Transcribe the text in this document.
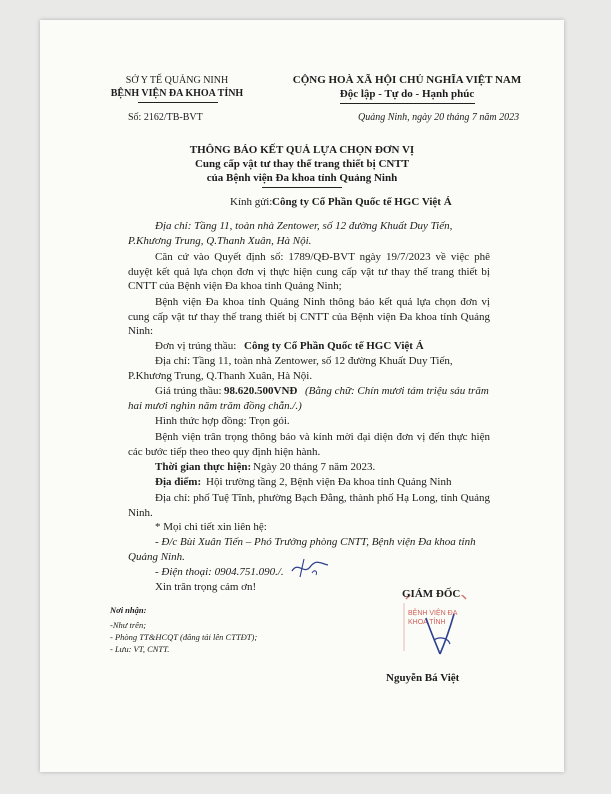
SỞ Y TẾ QUẢNG NINH
BỆNH VIỆN ĐA KHOA TỈNH
Số: 2162/TB-BVT
CỘNG HOÀ XÃ HỘI CHỦ NGHĨA VIỆT NAM
Độc lập - Tự do - Hạnh phúc
Quảng Ninh, ngày 20 tháng 7 năm 2023
THÔNG BÁO KẾT QUẢ LỰA CHỌN ĐƠN VỊ
Cung cấp vật tư thay thế trang thiết bị CNTT
của Bệnh viện Đa khoa tỉnh Quảng Ninh
Kính gửi: Công ty Cổ Phần Quốc tế HGC Việt Á
Địa chỉ: Tầng 11, toàn nhà Zentower, số 12 đường Khuất Duy Tiến,
P.Khương Trung, Q.Thanh Xuân, Hà Nội.
Căn cứ vào Quyết định số: 1789/QĐ-BVT ngày 19/7/2023 về việc phê duyệt kết quả lựa chọn đơn vị thực hiện cung cấp vật tư thay thế trang thiết bị CNTT của Bệnh viện Đa khoa tỉnh Quảng Ninh;
Bệnh viện Đa khoa tỉnh Quảng Ninh thông báo kết quả lựa chọn đơn vị cung cấp vật tư thay thế trang thiết bị CNTT của Bệnh viện Đa khoa tỉnh Quảng Ninh:
Đơn vị trúng thầu: Công ty Cổ Phần Quốc tế HGC Việt Á
Địa chỉ: Tầng 11, toàn nhà Zentower, số 12 đường Khuất Duy Tiến,
P.Khương Trung, Q.Thanh Xuân, Hà Nội.
Giá trúng thầu: 98.620.500VNĐ (Bằng chữ: Chín mươi tám triệu sáu trăm
hai mươi nghìn năm trăm đồng chẵn./.)
Hình thức hợp đồng: Trọn gói.
Bệnh viện trân trọng thông báo và kính mời đại diện đơn vị đến thực hiện các bước tiếp theo theo quy định hiện hành.
Thời gian thực hiện: Ngày 20 tháng 7 năm 2023.
Địa điểm: Hội trường tầng 2, Bệnh viện Đa khoa tỉnh Quảng Ninh
Địa chỉ: phố Tuệ Tĩnh, phường Bạch Đằng, thành phố Hạ Long, tỉnh Quảng Ninh.
* Mọi chi tiết xin liên hệ:
- Đ/c Bùi Xuân Tiến – Phó Trưởng phòng CNTT, Bệnh viện Đa khoa tỉnh
Quảng Ninh.
- Điện thoại: 0904.751.090./.
Xin trân trọng cảm ơn!
Nơi nhận:
-Như trên;
- Phòng TT&HCQT (đăng tải lên CTTĐT);
- Lưu: VT, CNTT.
GIÁM ĐỐC
BỆNH VIỆN ĐA KHOA TỈNH
Nguyễn Bá Việt
